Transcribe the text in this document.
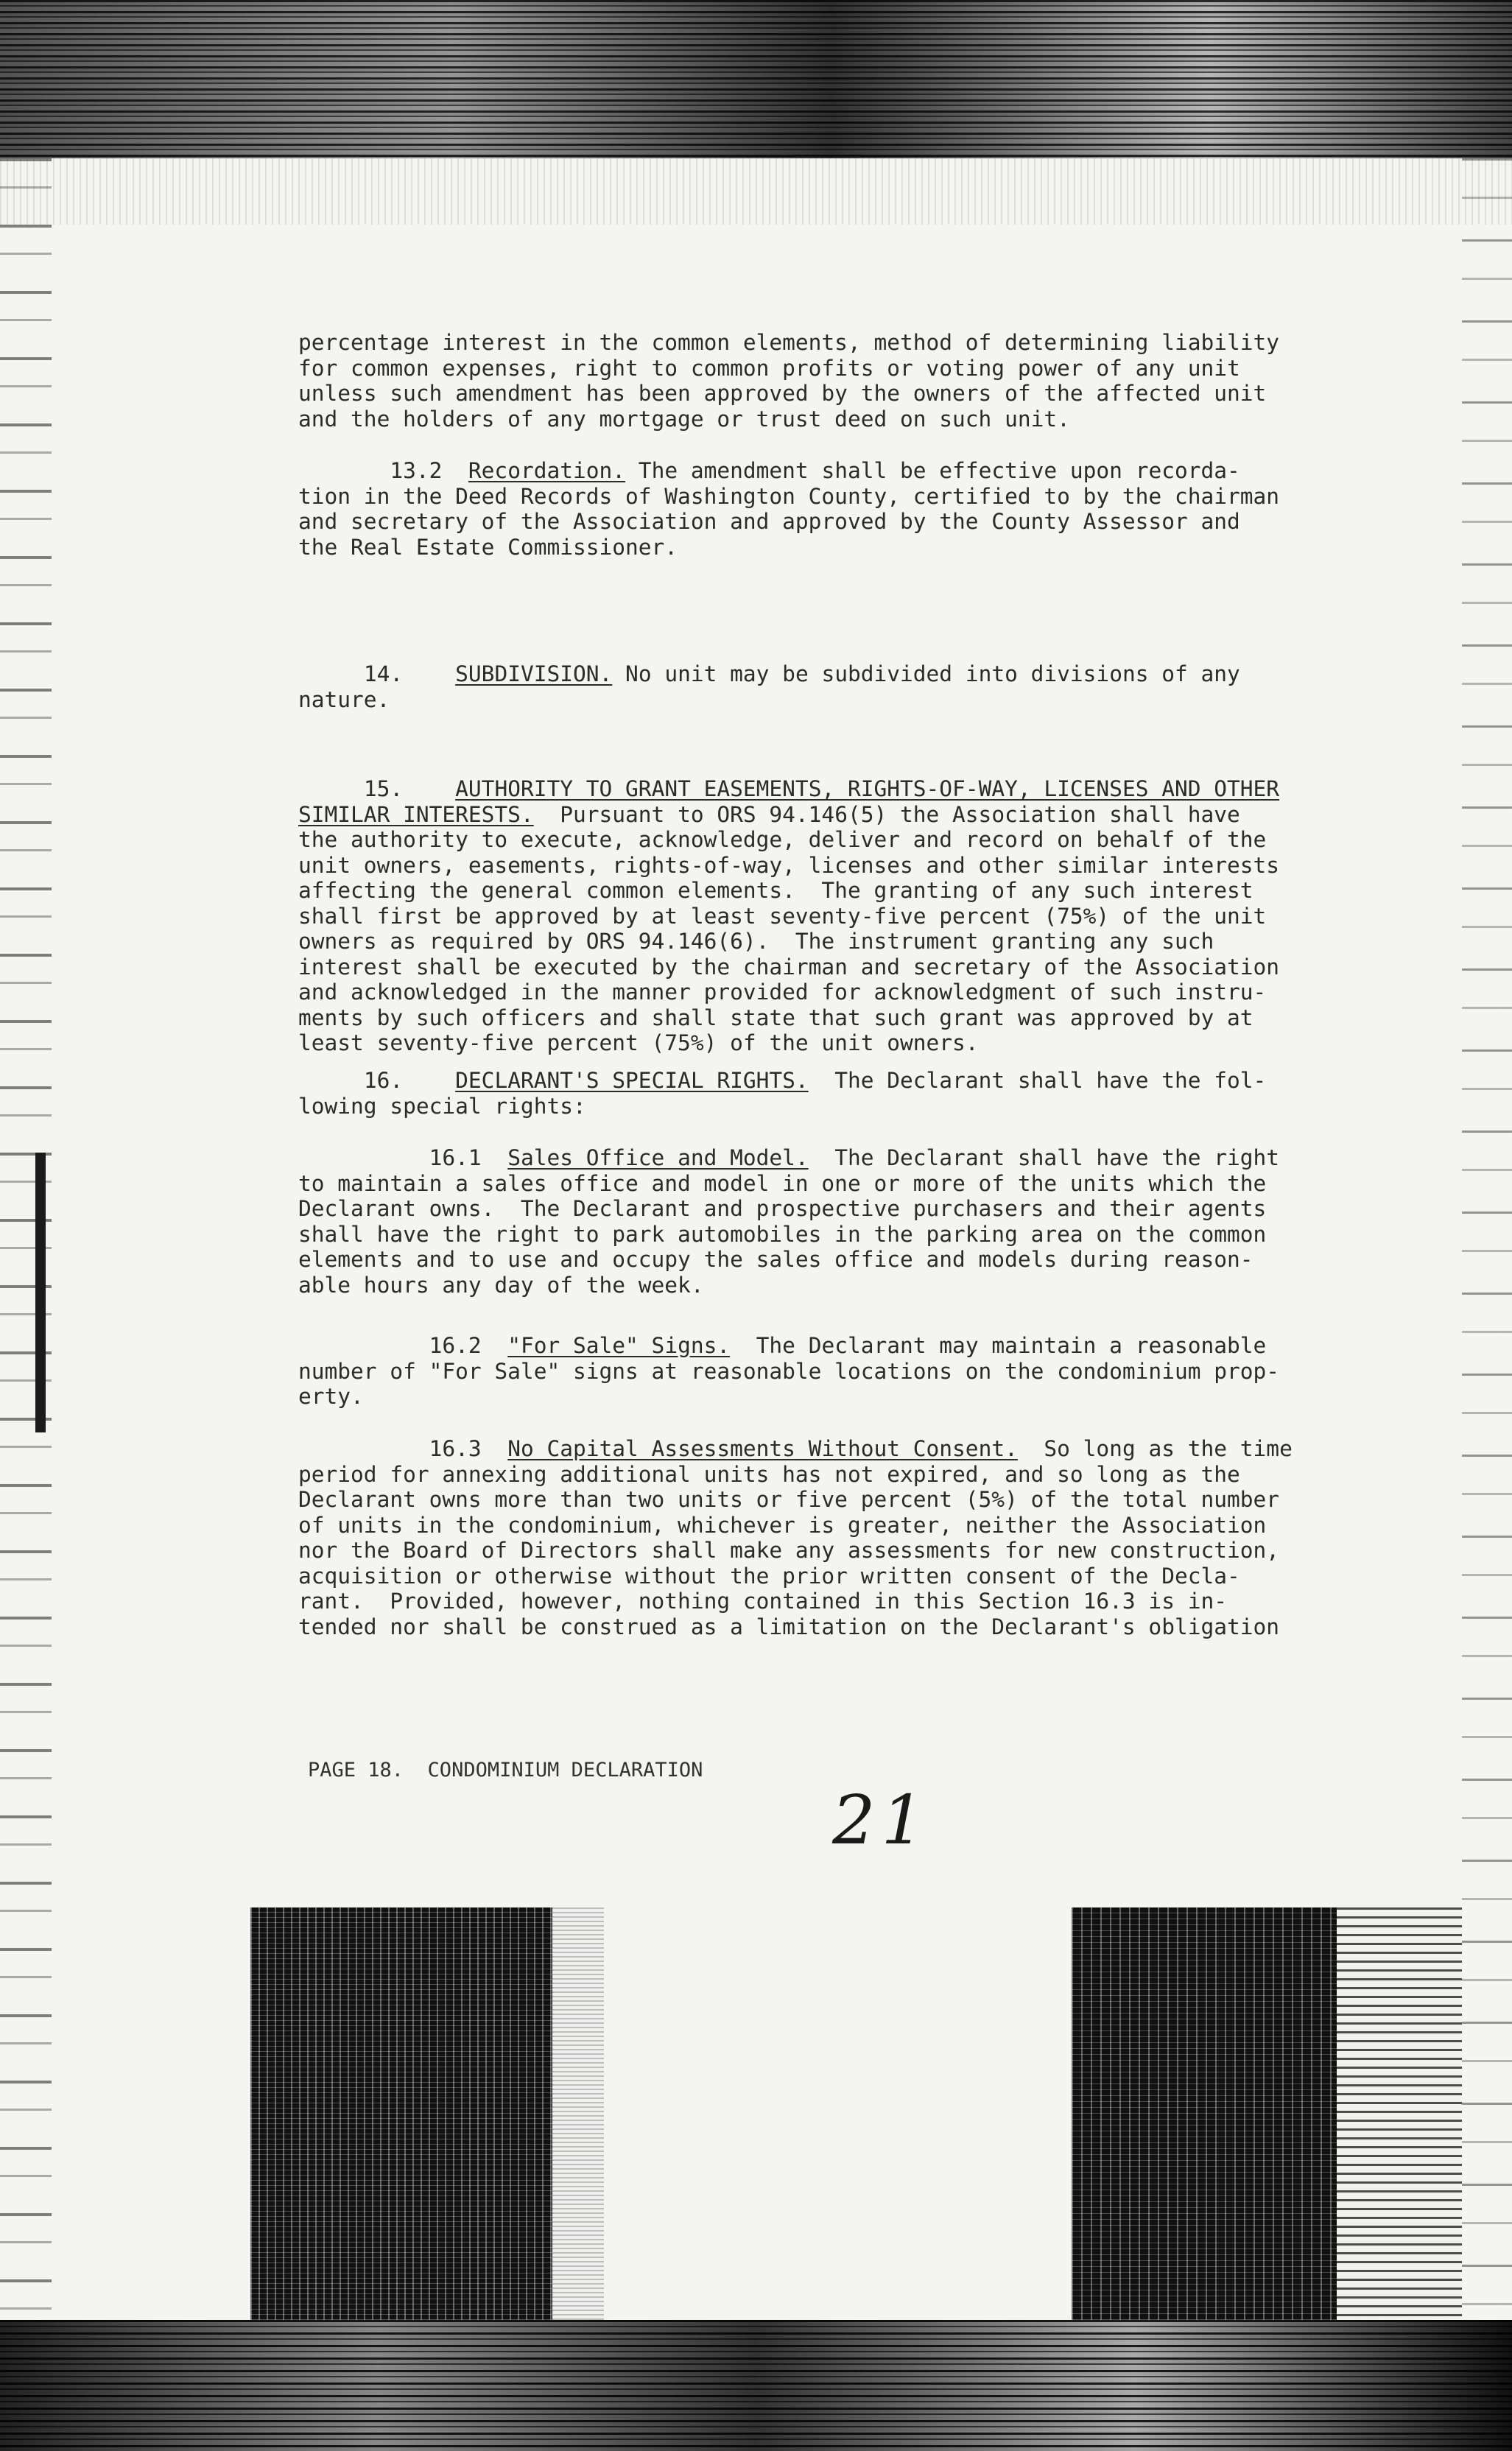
percentage interest in the common elements, method of determining liability
for common expenses, right to common profits or voting power of any unit
unless such amendment has been approved by the owners of the affected unit
and the holders of any mortgage or trust deed on such unit.
13.2 Recordation. The amendment shall be effective upon recorda-
tion in the Deed Records of Washington County, certified to by the chairman
and secretary of the Association and approved by the County Assessor and
the Real Estate Commissioner.
14. SUBDIVISION. No unit may be subdivided into divisions of any
nature.

15. AUTHORITY TO GRANT EASEMENTS, RIGHTS-OF-WAY, LICENSES AND OTHER
SIMILAR INTERESTS.  Pursuant to ORS 94.146(5) the Association shall have
the authority to execute, acknowledge, deliver and record on behalf of the
unit owners, easements, rights-of-way, licenses and other similar interests
affecting the general common elements.  The granting of any such interest
shall first be approved by at least seventy-five percent (75%) of the unit
owners as required by ORS 94.146(6).  The instrument granting any such
interest shall be executed by the chairman and secretary of the Association
and acknowledged in the manner provided for acknowledgment of such instru-
ments by such officers and shall state that such grant was approved by at
least seventy-five percent (75%) of the unit owners.
16. DECLARANT'S SPECIAL RIGHTS.  The Declarant shall have the fol-
lowing special rights:
16.1 Sales Office and Model.  The Declarant shall have the right
to maintain a sales office and model in one or more of the units which the
Declarant owns.  The Declarant and prospective purchasers and their agents
shall have the right to park automobiles in the parking area on the common
elements and to use and occupy the sales office and models during reason-
able hours any day of the week.
16.2 "For Sale" Signs.  The Declarant may maintain a reasonable
number of "For Sale" signs at reasonable locations on the condominium prop-
erty.
16.3 No Capital Assessments Without Consent.  So long as the time
period for annexing additional units has not expired, and so long as the
Declarant owns more than two units or five percent (5%) of the total number
of units in the condominium, whichever is greater, neither the Association
nor the Board of Directors shall make any assessments for new construction,
acquisition or otherwise without the prior written consent of the Decla-
rant.  Provided, however, nothing contained in this Section 16.3 is in-
tended nor shall be construed as a limitation on the Declarant's obligation
PAGE 18.  CONDOMINIUM DECLARATION
21
